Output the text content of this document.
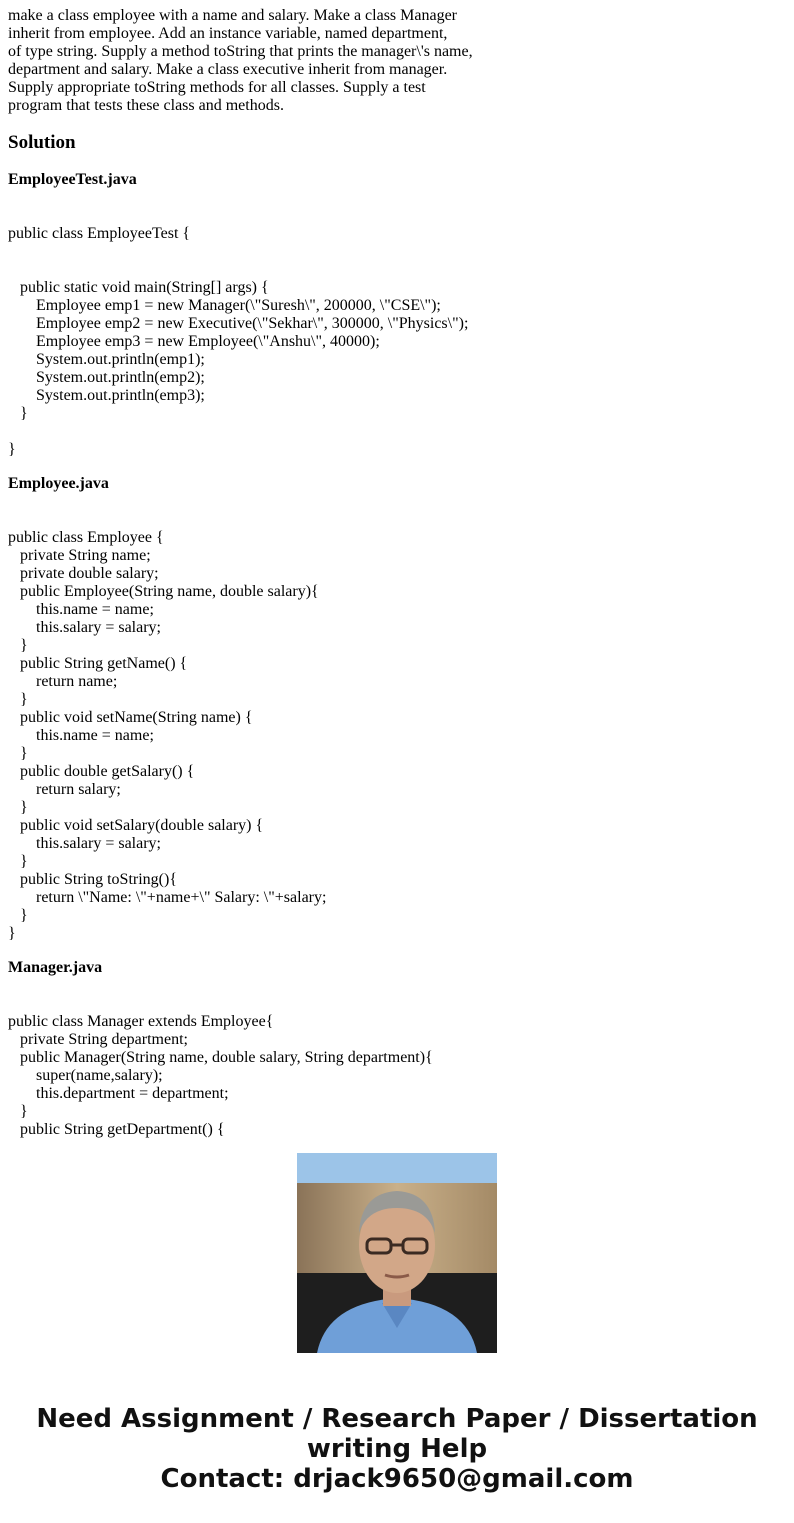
make a class employee with a name and salary. Make a class Manager
inherit from employee. Add an instance variable, named department,
of type string. Supply a method toString that prints the manager\'s name,
department and salary. Make a class executive inherit from manager.
Supply appropriate toString methods for all classes. Supply a test
program that tests these class and methods.
Solution
EmployeeTest.java

public class EmployeeTest {

public static void main(String[] args) {
Employee emp1 = new Manager(\"Suresh\", 200000, \"CSE\");
Employee emp2 = new Executive(\"Sekhar\", 300000, \"Physics\");
Employee emp3 = new Employee(\"Anshu\", 40000);
System.out.println(emp1);
System.out.println(emp2);
System.out.println(emp3);
}

}

Employee.java

public class Employee {
private String name;
private double salary;
public Employee(String name, double salary){
this.name = name;
this.salary = salary;
}
public String getName() {
return name;
}
public void setName(String name) {
this.name = name;
}
public double getSalary() {
return salary;
}
public void setSalary(double salary) {
this.salary = salary;
}
public String toString(){
return \"Name: \"+name+\" Salary: \"+salary;
}
}

Manager.java

public class Manager extends Employee{
private String department;
public Manager(String name, double salary, String department){
super(name,salary);
this.department = department;
}
public String getDepartment() {

Need Assignment / Research Paper / Dissertation
writing Help
Contact: drjack9650@gmail.com
